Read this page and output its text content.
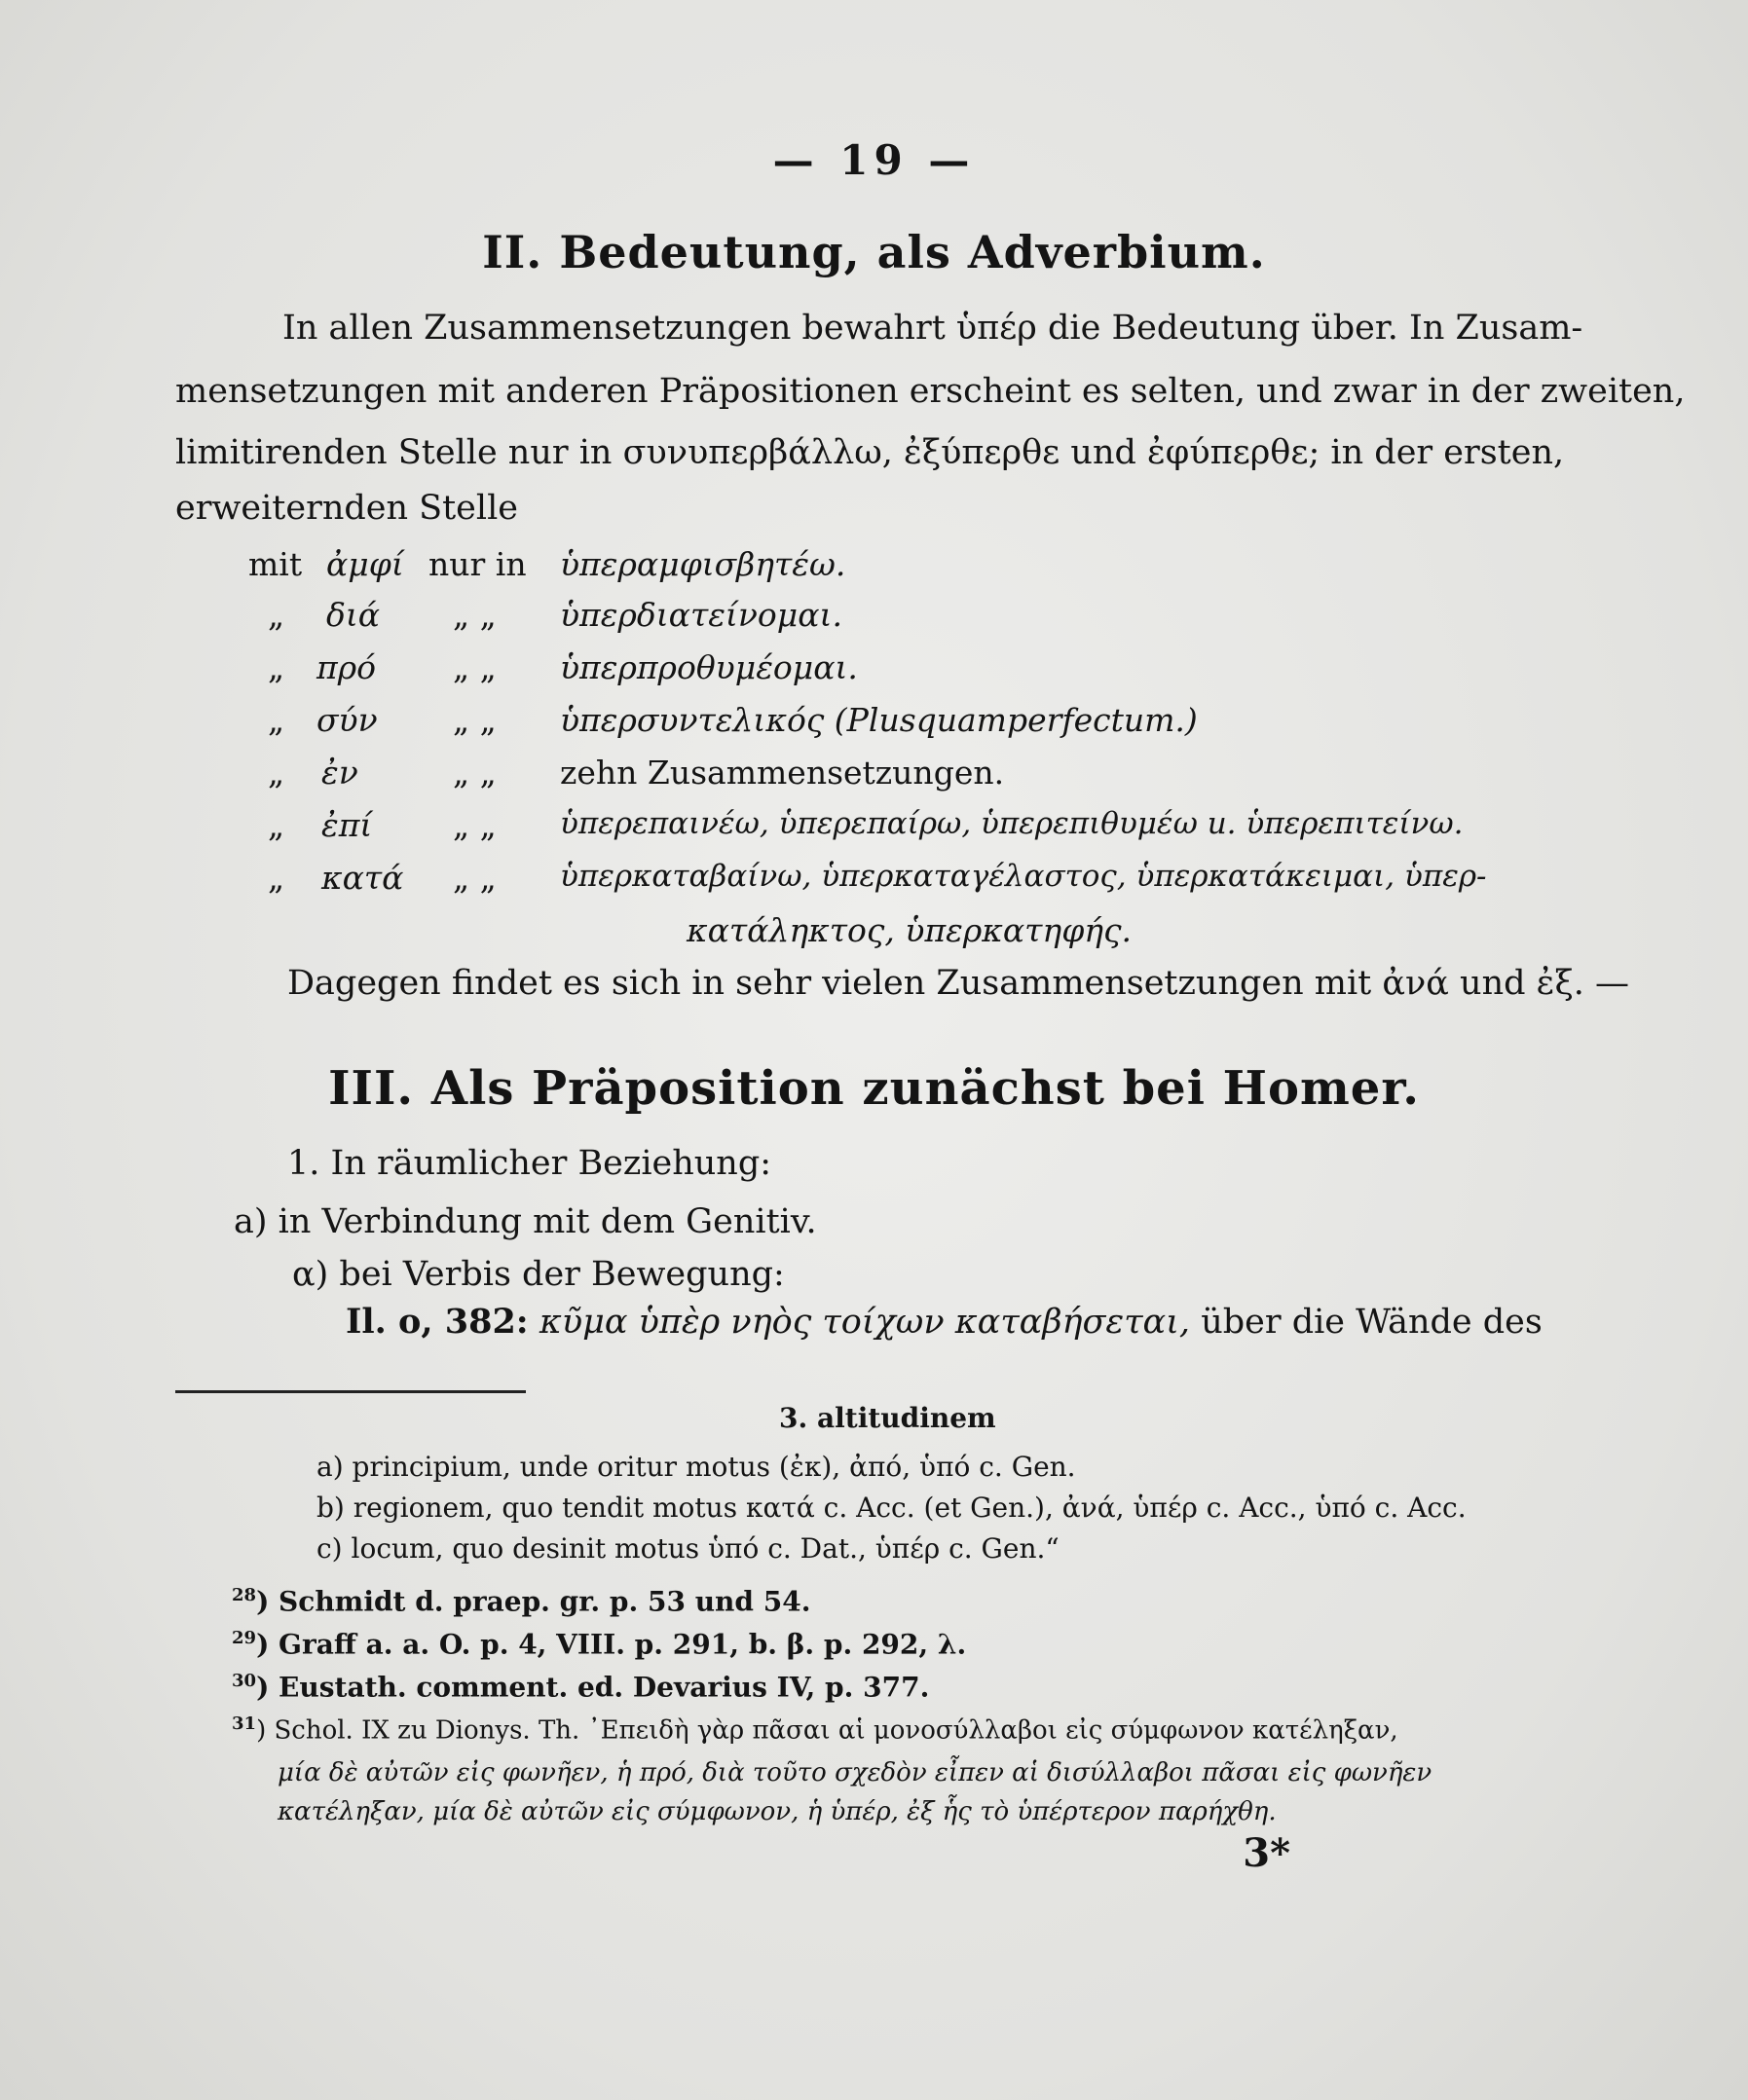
— 19 —
II. Bedeutung, als Adverbium.
In allen Zusammensetzungen bewahrt ὑπέρ die Bedeutung über. In Zusam-
mensetzungen mit anderen Präpositionen erscheint es selten, und zwar in der zweiten,
limitirenden Stelle nur in συνυπερβάλλω, ἐξύπερθε und ἐφύπερθε; in der ersten,
erweiternden Stelle
mit ἀμφί nur in ὑπεραμφισβητέω.
„ διά „ „ ὑπερδιατείνομαι.
„ πρό „ „ ὑπερπροθυμέομαι.
„ σύν „ „ ὑπερσυντελικός (Plusquamperfectum.)
„ ἐν	„ „ zehn Zusammensetzungen.
„ ἐπί	„ „ ὑπερεπαινέω, ὑπερεπαίρω, ὑπερεπιθυμέω u. ὑπερεπιτείνω.
„ κατά „ „ ὑπερκαταβαίνω, ὑπερκαταγέλαστος, ὑπερκατάκειμαι, ὑπερ-
κατάληκτος, ὑπερκατηφής.
Dagegen findet es sich in sehr vielen Zusammensetzungen mit ἀνά und ἐξ. —
III. Als Präposition zunächst bei Homer.
1. In räumlicher Beziehung:
a) in Verbindung mit dem Genitiv.
α) bei Verbis der Bewegung:
Il. ο, 382: κῦμα ὑπὲρ νηὸς τοίχων καταβήσεται, über die Wände des
3. altitudinem
a) principium, unde oritur motus (ἐκ), ἀπό, ὑπό c. Gen.
b) regionem, quo tendit motus κατά c. Acc. (et Gen.), ἀνά, ὑπέρ c. Acc., ὑπό c. Acc.
c) locum, quo desinit motus ὑπό c. Dat., ὑπέρ c. Gen.“
$^{28}$) Schmidt d. praep. gr. p. 53 und 54.
$^{29}$) Graff a. a. O. p. 4, VIII. p. 291, b. β. p. 292, λ.
$^{30}$) Eustath. comment. ed. Devarius IV, p. 377.
$^{31}$) Schol. IX zu Dionys. Th. ᾿Επειδὴ γὰρ πᾶσαι αἱ μονοσύλλαβοι εἰς σύμφωνον κατέληξαν,
μία δὲ αὐτῶν εἰς φωνῆεν, ἡ πρό, διὰ τοῦτο σχεδὸν εἶπεν αἱ δισύλλαβοι πᾶσαι εἰς φωνῆεν
κατέληξαν, μία δὲ αὐτῶν εἰς σύμφωνον, ἡ ὑπέρ, ἐξ ἧς τὸ ὑπέρτερον παρήχθη.
3*
